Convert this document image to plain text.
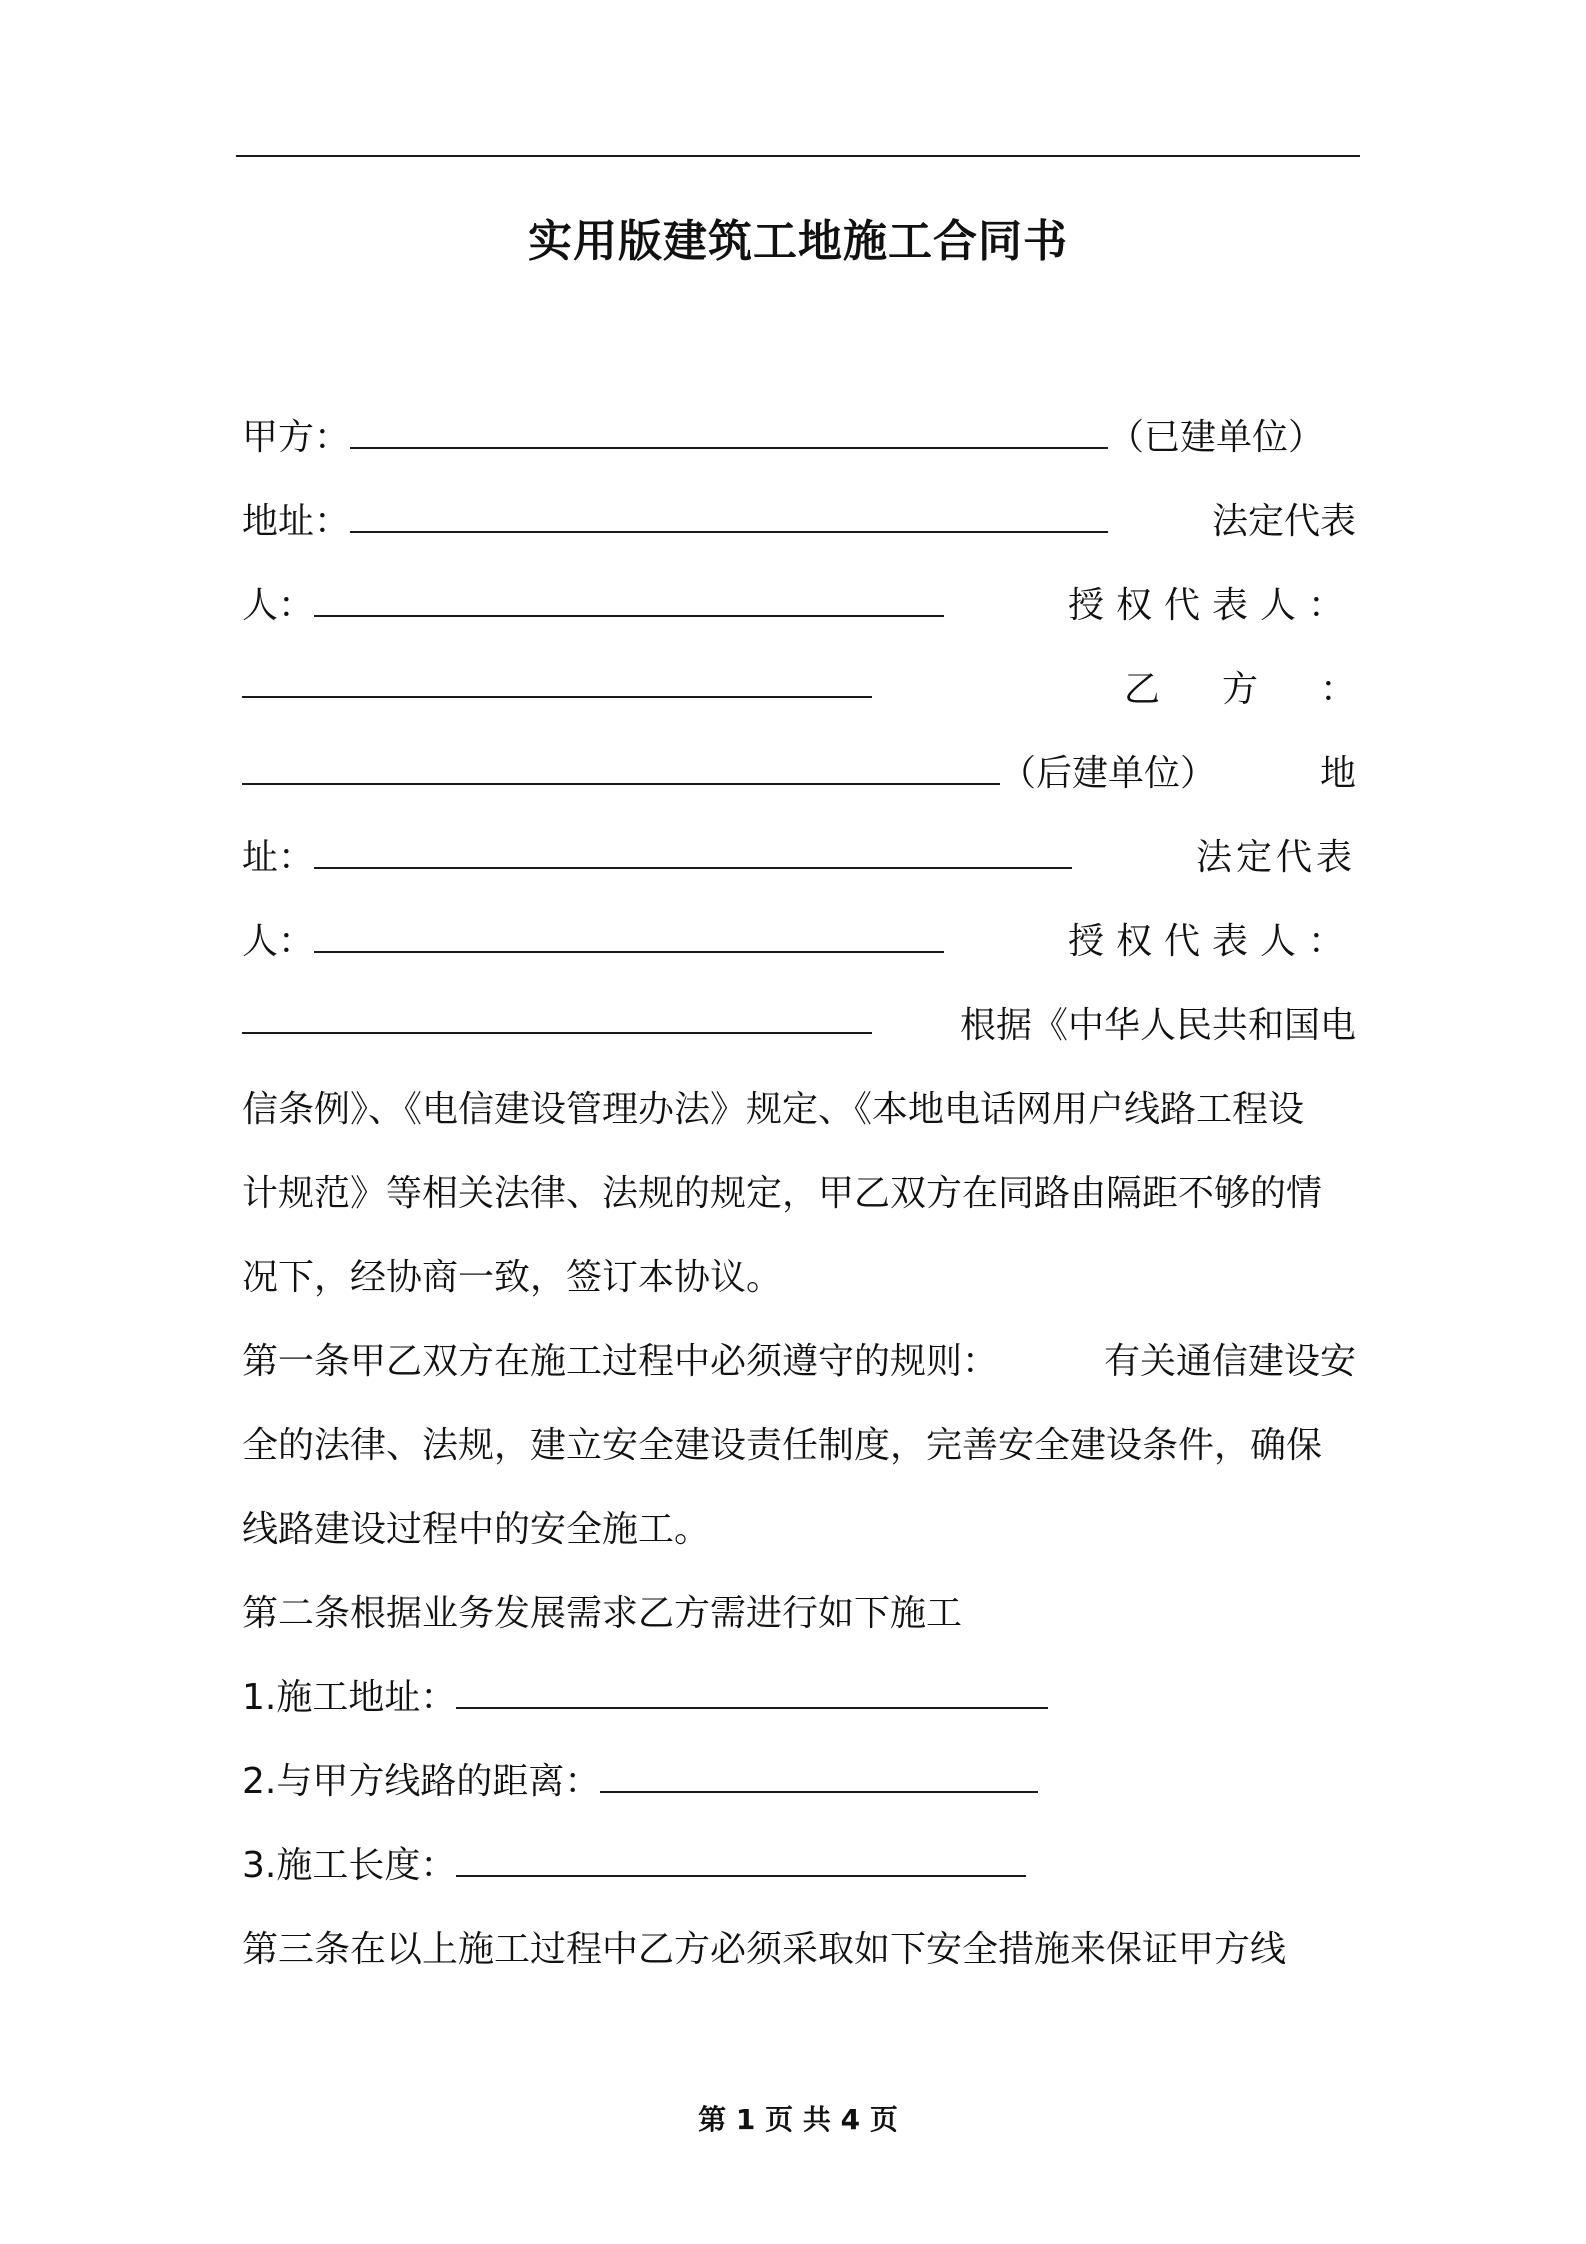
实用版建筑工地施工合同书
甲方：	（已建单位）
地址：	法定代表
人：	授权代表人：
乙方：
（后建单位）	地
址：	法定代表
人：	授权代表人：
根据《中华人民共和国电
信条例》、《电信建设管理办法》规定、《本地电话网用户线路工程设
计规范》等相关法律、法规的规定，甲乙双方在同路由隔距不够的情
况下，经协商一致，签订本协议。
第一条甲乙双方在施工过程中必须遵守的规则：	有关通信建设安
全的法律、法规，建立安全建设责任制度，完善安全建设条件，确保
线路建设过程中的安全施工。
第二条根据业务发展需求乙方需进行如下施工
1.施工地址：
2.与甲方线路的距离：
3.施工长度：
第三条在以上施工过程中乙方必须采取如下安全措施来保证甲方线
第 1 页 共 4 页
